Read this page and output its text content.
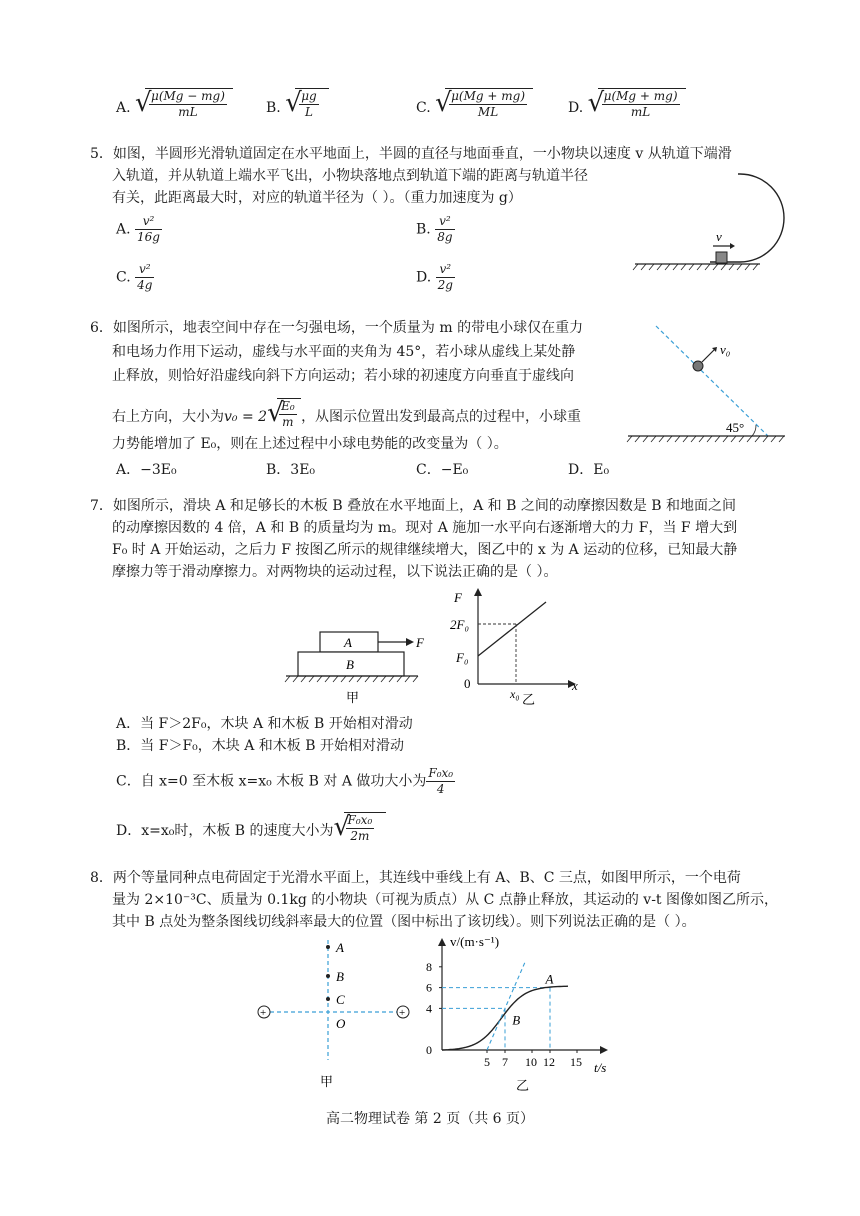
A. √
$\frac{\mu(Mg - mg)}{mL}$	B. √
$\frac{\mu g}{L}$	C. √
$\frac{\mu(Mg + mg)}{ML}$	D. √
$\frac{\mu(Mg + mg)}{mL}$
5．如图，半圆形光滑轨道固定在水平地面上，半圆的直径与地面垂直，一小物块以速度 v 从轨道下端滑
入轨道，并从轨道上端水平飞出，小物块落地点到轨道下端的距离与轨道半径
有关，此距离最大时，对应的轨道半径为（ ）。（重力加速度为 g）
A. $\frac{\text{v²}}{16g}$	B. $\frac{\text{v²}}{8g}$
C. $\frac{\text{v²}}{4g}$	D. $\frac{\text{v²}}{2g}$
v
6．如图所示，地表空间中存在一匀强电场，一个质量为 m 的带电小球仅在重力
和电场力作用下运动，虚线与水平面的夹角为 45°，若小球从虚线上某处静
止释放，则恰好沿虚线向斜下方向运动；若小球的初速度方向垂直于虚线向
右上方向，大小为v₀ = 2 √
$\frac{\text{E₀}}{m}$ ，从图示位置出发到最高点的过程中，小球重
力势能增加了 E₀，则在上述过程中小球电势能的改变量为（ ）。
A．−3E₀	B．3E₀	C．−E₀	D．E₀
v₀
45°
7．如图所示，滑块 A 和足够长的木板 B 叠放在水平地面上，A 和 B 之间的动摩擦因数是 B 和地面之间
的动摩擦因数的 4 倍，A 和 B 的质量均为 m。现对 A 施加一水平向右逐渐增大的力 F，当 F 增大到
F₀ 时 A 开始运动，之后力 F 按图乙所示的规律继续增大，图乙中的 x 为 A 运动的位移，已知最大静
摩擦力等于滑动摩擦力。对两物块的运动过程，以下说法正确的是（ ）。
A
B
F
甲
F
2F₀
F₀
0
x₀
x
乙
A．当 F＞2F₀，木块 A 和木板 B 开始相对滑动
B．当 F＞F₀，木块 A 和木板 B 开始相对滑动
C．自 x=0 至木板 x=x₀ 木板 B 对 A 做功大小为 $\frac{\text{F₀x₀}}{4}$
D．x=x₀时，木板 B 的速度大小为 √
$\frac{\text{F₀x₀}}{2m}$
8．两个等量同种点电荷固定于光滑水平面上，其连线中垂线上有 A、B、C 三点，如图甲所示，一个电荷
量为 2×10⁻³C、质量为 0.1kg 的小物块（可视为质点）从 C 点静止释放，其运动的 v-t 图像如图乙所示，
其中 B 点处为整条图线切线斜率最大的位置（图中标出了该切线）。则下列说法正确的是（ ）。
+	+
A
B
C
O
甲
v/(m·s⁻¹)
t/s
8
6
4
0
5 7 10 12 15
A
B
乙
高二物理试卷 第 2 页（共 6 页）
